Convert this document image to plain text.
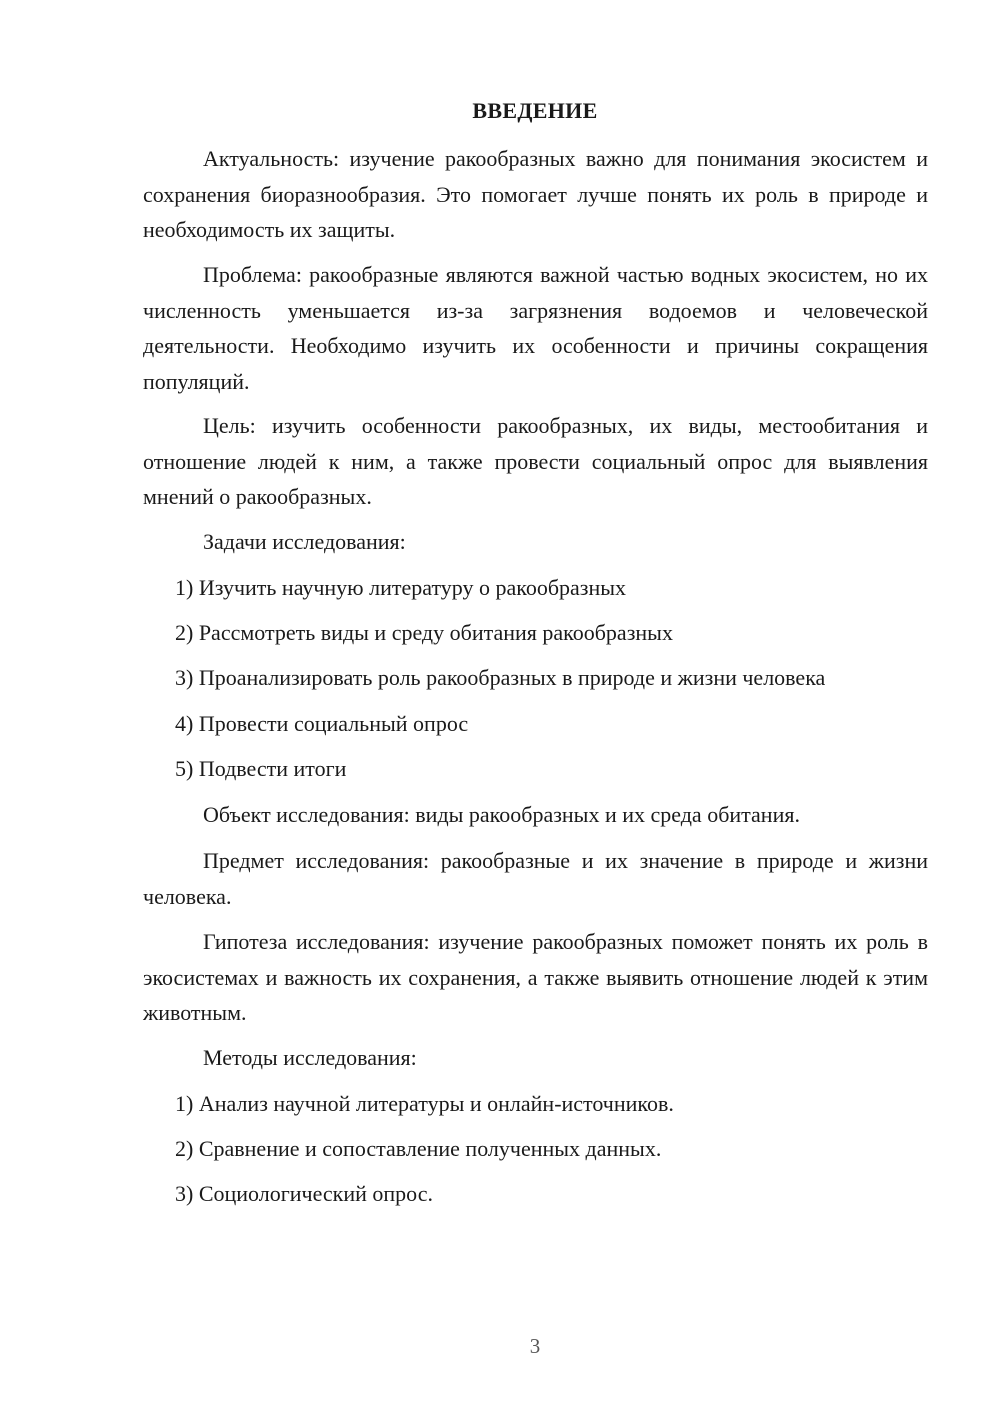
ВВЕДЕНИЕ

Актуальность: изучение ракообразных важно для понимания экосистем и сохранения биоразнообразия. Это помогает лучше понять их роль в природе и необходимость их защиты.

Проблема: ракообразные являются важной частью водных экосистем, но их численность уменьшается из-за загрязнения водоемов и человеческой деятельности. Необходимо изучить их особенности и причины сокращения популяций.

Цель: изучить особенности ракообразных, их виды, местообитания и отношение людей к ним, а также провести социальный опрос для выявления мнений о ракообразных.

Задачи исследования:
1) Изучить научную литературу о ракообразных
2) Рассмотреть виды и среду обитания ракообразных
3) Проанализировать роль ракообразных в природе и жизни человека
4) Провести социальный опрос
5) Подвести итоги
Объект исследования: виды ракообразных и их среда обитания.

Предмет исследования: ракообразные и их значение в природе и жизни человека.

Гипотеза исследования: изучение ракообразных поможет понять их роль в экосистемах и важность их сохранения, а также выявить отношение людей к этим животным.

Методы исследования:
1) Анализ научной литературы и онлайн-источников.
2) Сравнение и сопоставление полученных данных.
3) Социологический опрос.
3
